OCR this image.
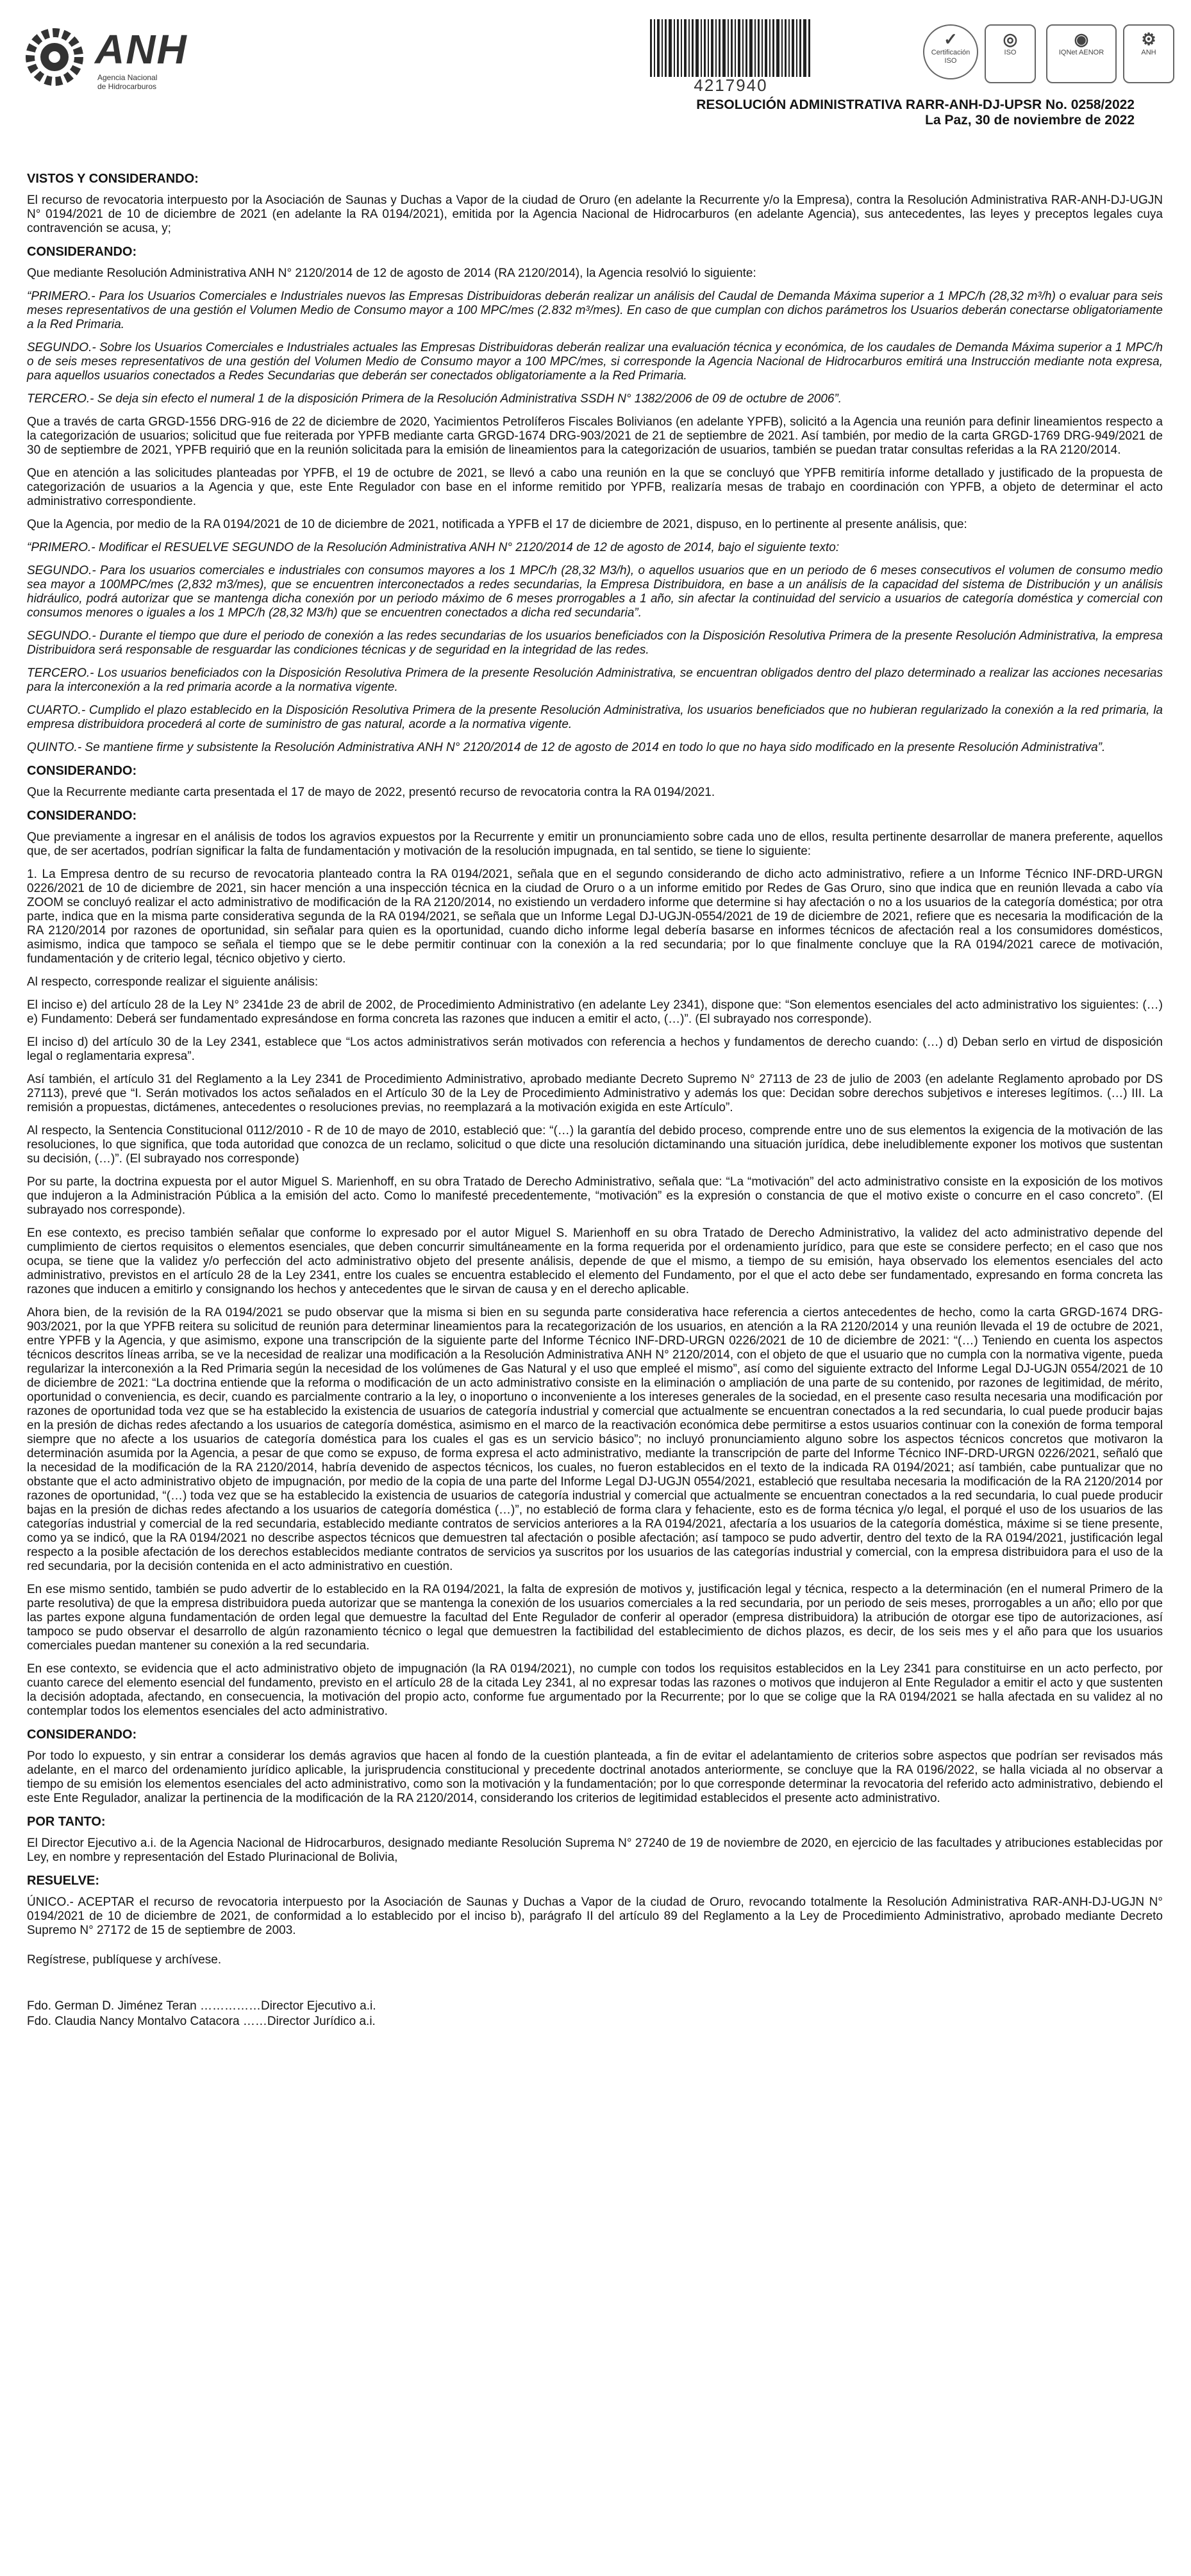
ANH
Agencia Nacional
de Hidrocarburos	4217940
✓
Certificación ISO
◎
ISO
◉
IQNet AENOR
⚙
ANH
RESOLUCIÓN ADMINISTRATIVA RARR-ANH-DJ-UPSR No. 0258/2022
La Paz, 30 de noviembre de 2022
VISTOS Y CONSIDERANDO:

El recurso de revocatoria interpuesto por la Asociación de Saunas y Duchas a Vapor de la ciudad de Oruro (en adelante la Recurrente y/o la Empresa), contra la Resolución Administrativa RAR-ANH-DJ-UGJN N° 0194/2021 de 10 de diciembre de 2021 (en adelante la RA 0194/2021), emitida por la Agencia Nacional de Hidrocarburos (en adelante Agencia), sus antecedentes, las leyes y preceptos legales cuya contravención se acusa, y;

CONSIDERANDO:

Que mediante Resolución Administrativa ANH N° 2120/2014 de 12 de agosto de 2014 (RA 2120/2014), la Agencia resolvió lo siguiente:

“PRIMERO.- Para los Usuarios Comerciales e Industriales nuevos las Empresas Distribuidoras deberán realizar un análisis del Caudal de Demanda Máxima superior a 1 MPC/h (28,32 m³/h) o evaluar para seis meses representativos de una gestión el Volumen Medio de Consumo mayor a 100 MPC/mes (2.832 m³/mes). En caso de que cumplan con dichos parámetros los Usuarios deberán conectarse obligatoriamente a la Red Primaria.

SEGUNDO.- Sobre los Usuarios Comerciales e Industriales actuales las Empresas Distribuidoras deberán realizar una evaluación técnica y económica, de los caudales de Demanda Máxima superior a 1 MPC/h o de seis meses representativos de una gestión del Volumen Medio de Consumo mayor a 100 MPC/mes, si corresponde la Agencia Nacional de Hidrocarburos emitirá una Instrucción mediante nota expresa, para aquellos usuarios conectados a Redes Secundarias que deberán ser conectados obligatoriamente a la Red Primaria.

TERCERO.- Se deja sin efecto el numeral 1 de la disposición Primera de la Resolución Administrativa SSDH N° 1382/2006 de 09 de octubre de 2006”.

Que a través de carta GRGD-1556 DRG-916 de 22 de diciembre de 2020, Yacimientos Petrolíferos Fiscales Bolivianos (en adelante YPFB), solicitó a la Agencia una reunión para definir lineamientos respecto a la categorización de usuarios; solicitud que fue reiterada por YPFB mediante carta GRGD-1674 DRG-903/2021 de 21 de septiembre de 2021. Así también, por medio de la carta GRGD-1769 DRG-949/2021 de 30 de septiembre de 2021, YPFB requirió que en la reunión solicitada para la emisión de lineamientos para la categorización de usuarios, también se puedan tratar consultas referidas a la RA 2120/2014.

Que en atención a las solicitudes planteadas por YPFB, el 19 de octubre de 2021, se llevó a cabo una reunión en la que se concluyó que YPFB remitiría informe detallado y justificado de la propuesta de categorización de usuarios a la Agencia y que, este Ente Regulador con base en el informe remitido por YPFB, realizaría mesas de trabajo en coordinación con YPFB, a objeto de determinar el acto administrativo correspondiente.

Que la Agencia, por medio de la RA 0194/2021 de 10 de diciembre de 2021, notificada a YPFB el 17 de diciembre de 2021, dispuso, en lo pertinente al presente análisis, que:

“PRIMERO.- Modificar el RESUELVE SEGUNDO de la Resolución Administrativa ANH N° 2120/2014 de 12 de agosto de 2014, bajo el siguiente texto:

SEGUNDO.- Para los usuarios comerciales e industriales con consumos mayores a los 1 MPC/h (28,32 M3/h), o aquellos usuarios que en un periodo de 6 meses consecutivos el volumen de consumo medio sea mayor a 100MPC/mes (2,832 m3/mes), que se encuentren interconectados a redes secundarias, la Empresa Distribuidora, en base a un análisis de la capacidad del sistema de Distribución y un análisis hidráulico, podrá autorizar que se mantenga dicha conexión por un periodo máximo de 6 meses prorrogables a 1 año, sin afectar la continuidad del servicio a usuarios de categoría doméstica y comercial con consumos menores o iguales a los 1 MPC/h (28,32 M3/h) que se encuentren conectados a dicha red secundaria”.

SEGUNDO.- Durante el tiempo que dure el periodo de conexión a las redes secundarias de los usuarios beneficiados con la Disposición Resolutiva Primera de la presente Resolución Administrativa, la empresa Distribuidora será responsable de resguardar las condiciones técnicas y de seguridad en la integridad de las redes.

TERCERO.- Los usuarios beneficiados con la Disposición Resolutiva Primera de la presente Resolución Administrativa, se encuentran obligados dentro del plazo determinado a realizar las acciones necesarias para la interconexión a la red primaria acorde a la normativa vigente.

CUARTO.- Cumplido el plazo establecido en la Disposición Resolutiva Primera de la presente Resolución Administrativa, los usuarios beneficiados que no hubieran regularizado la conexión a la red primaria, la empresa distribuidora procederá al corte de suministro de gas natural, acorde a la normativa vigente.

QUINTO.- Se mantiene firme y subsistente la Resolución Administrativa ANH N° 2120/2014 de 12 de agosto de 2014 en todo lo que no haya sido modificado en la presente Resolución Administrativa”.

CONSIDERANDO:

Que la Recurrente mediante carta presentada el 17 de mayo de 2022, presentó recurso de revocatoria contra la RA 0194/2021.

CONSIDERANDO:

Que previamente a ingresar en el análisis de todos los agravios expuestos por la Recurrente y emitir un pronunciamiento sobre cada uno de ellos, resulta pertinente desarrollar de manera preferente, aquellos que, de ser acertados, podrían significar la falta de fundamentación y motivación de la resolución impugnada, en tal sentido, se tiene lo siguiente:

1. La Empresa dentro de su recurso de revocatoria planteado contra la RA 0194/2021, señala que en el segundo considerando de dicho acto administrativo, refiere a un Informe Técnico INF-DRD-URGN 0226/2021 de 10 de diciembre de 2021, sin hacer mención a una inspección técnica en la ciudad de Oruro o a un informe emitido por Redes de Gas Oruro, sino que indica que en reunión llevada a cabo vía ZOOM se concluyó realizar el acto administrativo de modificación de la RA 2120/2014, no existiendo un verdadero informe que determine si hay afectación o no a los usuarios de la categoría doméstica; por otra parte, indica que en la misma parte considerativa segunda de la RA 0194/2021, se señala que un Informe Legal DJ-UGJN-0554/2021 de 19 de diciembre de 2021, refiere que es necesaria la modificación de la RA 2120/2014 por razones de oportunidad, sin señalar para quien es la oportunidad, cuando dicho informe legal debería basarse en informes técnicos de afectación real a los consumidores domésticos, asimismo, indica que tampoco se señala el tiempo que se le debe permitir continuar con la conexión a la red secundaria; por lo que finalmente concluye que la RA 0194/2021 carece de motivación, fundamentación y de criterio legal, técnico objetivo y cierto.

Al respecto, corresponde realizar el siguiente análisis:

El inciso e) del artículo 28 de la Ley N° 2341de 23 de abril de 2002, de Procedimiento Administrativo (en adelante Ley 2341), dispone que: “Son elementos esenciales del acto administrativo los siguientes: (…) e) Fundamento: Deberá ser fundamentado expresándose en forma concreta las razones que inducen a emitir el acto, (…)”. (El subrayado nos corresponde).

El inciso d) del artículo 30 de la Ley 2341, establece que “Los actos administrativos serán motivados con referencia a hechos y fundamentos de derecho cuando: (…) d) Deban serlo en virtud de disposición legal o reglamentaria expresa”.

Así también, el artículo 31 del Reglamento a la Ley 2341 de Procedimiento Administrativo, aprobado mediante Decreto Supremo N° 27113 de 23 de julio de 2003 (en adelante Reglamento aprobado por DS 27113), prevé que “I. Serán motivados los actos señalados en el Artículo 30 de la Ley de Procedimiento Administrativo y además los que: Decidan sobre derechos subjetivos e intereses legítimos. (…) III. La remisión a propuestas, dictámenes, antecedentes o resoluciones previas, no reemplazará a la motivación exigida en este Artículo”.

Al respecto, la Sentencia Constitucional 0112/2010 - R de 10 de mayo de 2010, estableció que: “(…) la garantía del debido proceso, comprende entre uno de sus elementos la exigencia de la motivación de las resoluciones, lo que significa, que toda autoridad que conozca de un reclamo, solicitud o que dicte una resolución dictaminando una situación jurídica, debe ineludiblemente exponer los motivos que sustentan su decisión, (…)”. (El subrayado nos corresponde)

Por su parte, la doctrina expuesta por el autor Miguel S. Marienhoff, en su obra Tratado de Derecho Administrativo, señala que: “La “motivación” del acto administrativo consiste en la exposición de los motivos que indujeron a la Administración Pública a la emisión del acto. Como lo manifesté precedentemente, “motivación” es la expresión o constancia de que el motivo existe o concurre en el caso concreto”. (El subrayado nos corresponde).

En ese contexto, es preciso también señalar que conforme lo expresado por el autor Miguel S. Marienhoff en su obra Tratado de Derecho Administrativo, la validez del acto administrativo depende del cumplimiento de ciertos requisitos o elementos esenciales, que deben concurrir simultáneamente en la forma requerida por el ordenamiento jurídico, para que este se considere perfecto; en el caso que nos ocupa, se tiene que la validez y/o perfección del acto administrativo objeto del presente análisis, depende de que el mismo, a tiempo de su emisión, haya observado los elementos esenciales del acto administrativo, previstos en el artículo 28 de la Ley 2341, entre los cuales se encuentra establecido el elemento del Fundamento, por el que el acto debe ser fundamentado, expresando en forma concreta las razones que inducen a emitirlo y consignando los hechos y antecedentes que le sirvan de causa y en el derecho aplicable.

Ahora bien, de la revisión de la RA 0194/2021 se pudo observar que la misma si bien en su segunda parte considerativa hace referencia a ciertos antecedentes de hecho, como la carta GRGD-1674 DRG-903/2021, por la que YPFB reitera su solicitud de reunión para determinar lineamientos para la recategorización de los usuarios, en atención a la RA 2120/2014 y una reunión llevada el 19 de octubre de 2021, entre YPFB y la Agencia, y que asimismo, expone una transcripción de la siguiente parte del Informe Técnico INF-DRD-URGN 0226/2021 de 10 de diciembre de 2021: “(…) Teniendo en cuenta los aspectos técnicos descritos líneas arriba, se ve la necesidad de realizar una modificación a la Resolución Administrativa ANH N° 2120/2014, con el objeto de que el usuario que no cumpla con la normativa vigente, pueda regularizar la interconexión a la Red Primaria según la necesidad de los volúmenes de Gas Natural y el uso que empleé el mismo”, así como del siguiente extracto del Informe Legal DJ-UGJN 0554/2021 de 10 de diciembre de 2021: “La doctrina entiende que la reforma o modificación de un acto administrativo consiste en la eliminación o ampliación de una parte de su contenido, por razones de legitimidad, de mérito, oportunidad o conveniencia, es decir, cuando es parcialmente contrario a la ley, o inoportuno o inconveniente a los intereses generales de la sociedad, en el presente caso resulta necesaria una modificación por razones de oportunidad toda vez que se ha establecido la existencia de usuarios de categoría industrial y comercial que actualmente se encuentran conectados a la red secundaria, lo cual puede producir bajas en la presión de dichas redes afectando a los usuarios de categoría doméstica, asimismo en el marco de la reactivación económica debe permitirse a estos usuarios continuar con la conexión de forma temporal siempre que no afecte a los usuarios de categoría doméstica para los cuales el gas es un servicio básico”; no incluyó pronunciamiento alguno sobre los aspectos técnicos concretos que motivaron la determinación asumida por la Agencia, a pesar de que como se expuso, de forma expresa el acto administrativo, mediante la transcripción de parte del Informe Técnico INF-DRD-URGN 0226/2021, señaló que la necesidad de la modificación de la RA 2120/2014, habría devenido de aspectos técnicos, los cuales, no fueron establecidos en el texto de la indicada RA 0194/2021; así también, cabe puntualizar que no obstante que el acto administrativo objeto de impugnación, por medio de la copia de una parte del Informe Legal DJ-UGJN 0554/2021, estableció que resultaba necesaria la modificación de la RA 2120/2014 por razones de oportunidad, “(…) toda vez que se ha establecido la existencia de usuarios de categoría industrial y comercial que actualmente se encuentran conectados a la red secundaria, lo cual puede producir bajas en la presión de dichas redes afectando a los usuarios de categoría doméstica (…)”, no estableció de forma clara y fehaciente, esto es de forma técnica y/o legal, el porqué el uso de los usuarios de las categorías industrial y comercial de la red secundaria, establecido mediante contratos de servicios anteriores a la RA 0194/2021, afectaría a los usuarios de la categoría doméstica, máxime si se tiene presente, como ya se indicó, que la RA 0194/2021 no describe aspectos técnicos que demuestren tal afectación o posible afectación; así tampoco se pudo advertir, dentro del texto de la RA 0194/2021, justificación legal respecto a la posible afectación de los derechos establecidos mediante contratos de servicios ya suscritos por los usuarios de las categorías industrial y comercial, con la empresa distribuidora para el uso de la red secundaria, por la decisión contenida en el acto administrativo en cuestión.

En ese mismo sentido, también se pudo advertir de lo establecido en la RA 0194/2021, la falta de expresión de motivos y, justificación legal y técnica, respecto a la determinación (en el numeral Primero de la parte resolutiva) de que la empresa distribuidora pueda autorizar que se mantenga la conexión de los usuarios comerciales a la red secundaria, por un periodo de seis meses, prorrogables a un año; ello por que las partes expone alguna fundamentación de orden legal que demuestre la facultad del Ente Regulador de conferir al operador (empresa distribuidora) la atribución de otorgar ese tipo de autorizaciones, así tampoco se pudo observar el desarrollo de algún razonamiento técnico o legal que demuestren la factibilidad del establecimiento de dichos plazos, es decir, de los seis mes y el año para que los usuarios comerciales puedan mantener su conexión a la red secundaria.

En ese contexto, se evidencia que el acto administrativo objeto de impugnación (la RA 0194/2021), no cumple con todos los requisitos establecidos en la Ley 2341 para constituirse en un acto perfecto, por cuanto carece del elemento esencial del fundamento, previsto en el artículo 28 de la citada Ley 2341, al no expresar todas las razones o motivos que indujeron al Ente Regulador a emitir el acto y que sustenten la decisión adoptada, afectando, en consecuencia, la motivación del propio acto, conforme fue argumentado por la Recurrente; por lo que se colige que la RA 0194/2021 se halla afectada en su validez al no contemplar todos los elementos esenciales del acto administrativo.

CONSIDERANDO:

Por todo lo expuesto, y sin entrar a considerar los demás agravios que hacen al fondo de la cuestión planteada, a fin de evitar el adelantamiento de criterios sobre aspectos que podrían ser revisados más adelante, en el marco del ordenamiento jurídico aplicable, la jurisprudencia constitucional y precedente doctrinal anotados anteriormente, se concluye que la RA 0196/2022, se halla viciada al no observar a tiempo de su emisión los elementos esenciales del acto administrativo, como son la motivación y la fundamentación; por lo que corresponde determinar la revocatoria del referido acto administrativo, debiendo el este Ente Regulador, analizar la pertinencia de la modificación de la RA 2120/2014, considerando los criterios de legitimidad establecidos el presente acto administrativo.

POR TANTO:

El Director Ejecutivo a.i. de la Agencia Nacional de Hidrocarburos, designado mediante Resolución Suprema N° 27240 de 19 de noviembre de 2020, en ejercicio de las facultades y atribuciones establecidas por Ley, en nombre y representación del Estado Plurinacional de Bolivia,

RESUELVE:

ÚNICO.- ACEPTAR el recurso de revocatoria interpuesto por la Asociación de Saunas y Duchas a Vapor de la ciudad de Oruro, revocando totalmente la Resolución Administrativa RAR-ANH-DJ-UGJN N° 0194/2021 de 10 de diciembre de 2021, de conformidad a lo establecido por el inciso b), parágrafo II del artículo 89 del Reglamento a la Ley de Procedimiento Administrativo, aprobado mediante Decreto Supremo N° 27172 de 15 de septiembre de 2003.

Regístrese, publíquese y archívese.

Fdo. German D. Jiménez Teran ……………Director Ejecutivo a.i.

Fdo. Claudia Nancy Montalvo Catacora ……Director Jurídico a.i.
